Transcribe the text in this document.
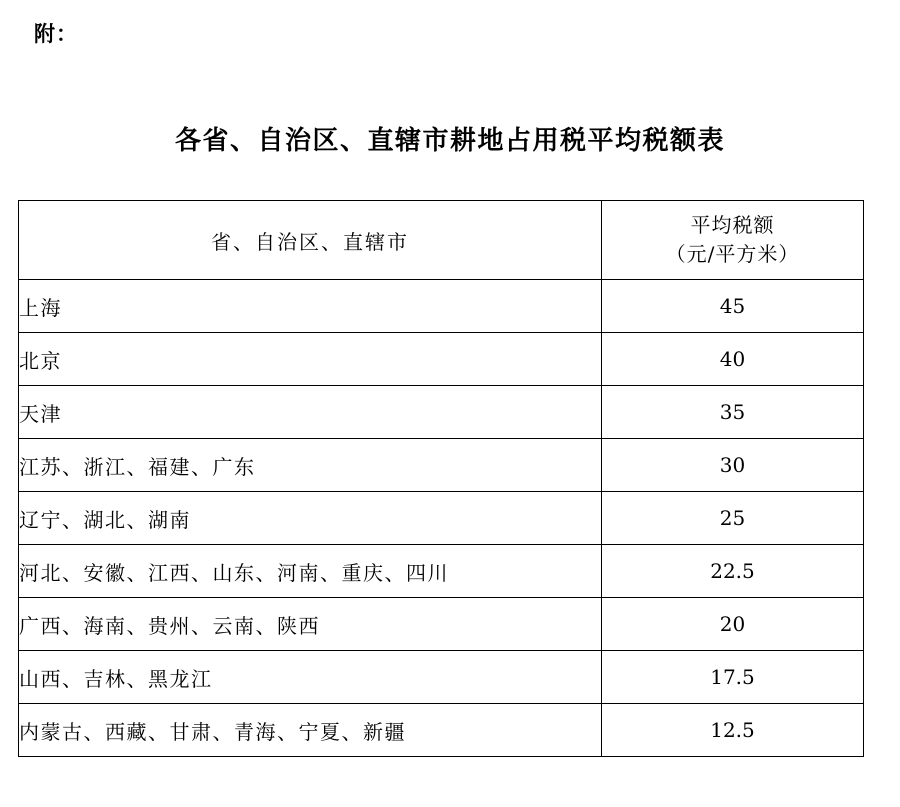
附：
各省、自治区、直辖市耕地占用税平均税额表
省、自治区、直辖市	平均税额
（元/平方米）

上海	45
北京	40
天津	35
江苏、浙江、福建、广东	30
辽宁、湖北、湖南	25
河北、安徽、江西、山东、河南、重庆、四川	22.5
广西、海南、贵州、云南、陕西	20
山西、吉林、黑龙江	17.5
内蒙古、西藏、甘肃、青海、宁夏、新疆	12.5
